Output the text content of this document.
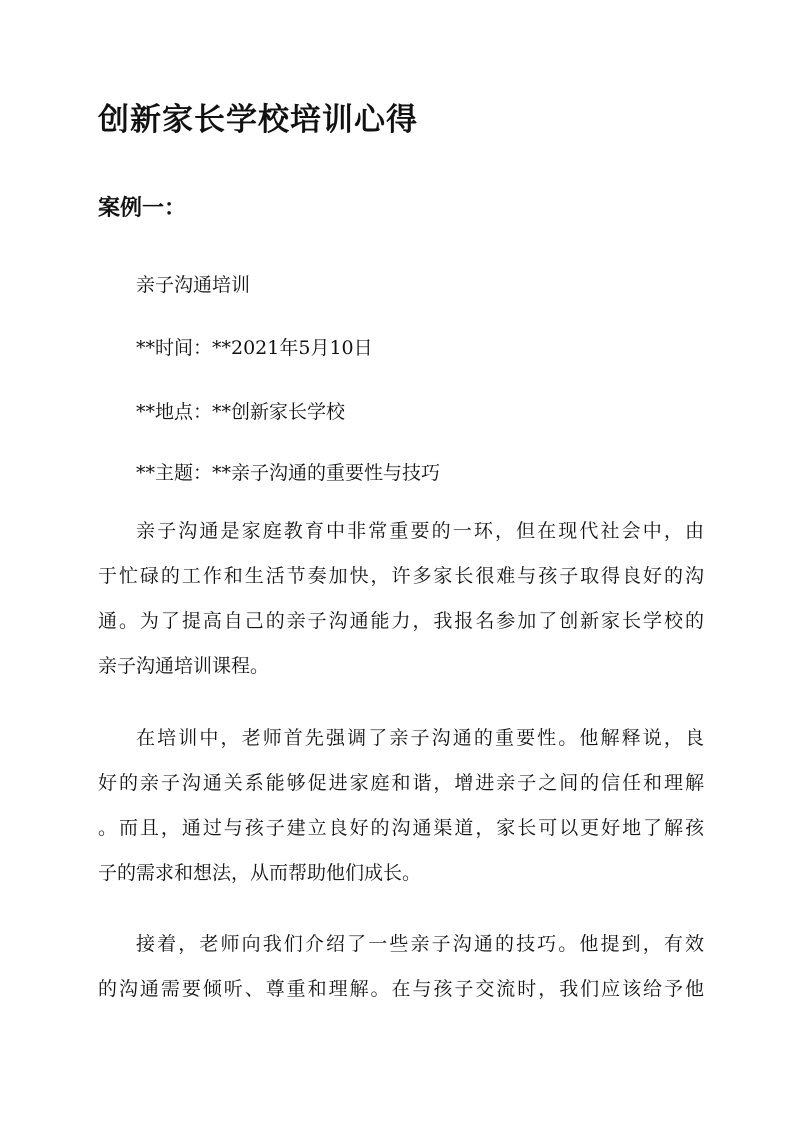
创新家长学校培训心得
案例一：

亲子沟通培训

**时间：**2021年5月10日

**地点：**创新家长学校

**主题：**亲子沟通的重要性与技巧

亲子沟通是家庭教育中非常重要的一环，但在现代社会中，由
于忙碌的工作和生活节奏加快，许多家长很难与孩子取得良好的沟
通。为了提高自己的亲子沟通能力，我报名参加了创新家长学校的
亲子沟通培训课程。
在培训中，老师首先强调了亲子沟通的重要性。他解释说，良
好的亲子沟通关系能够促进家庭和谐，增进亲子之间的信任和理解
。而且，通过与孩子建立良好的沟通渠道，家长可以更好地了解孩
子的需求和想法，从而帮助他们成长。
接着，老师向我们介绍了一些亲子沟通的技巧。他提到，有效
的沟通需要倾听、尊重和理解。在与孩子交流时，我们应该给予他
